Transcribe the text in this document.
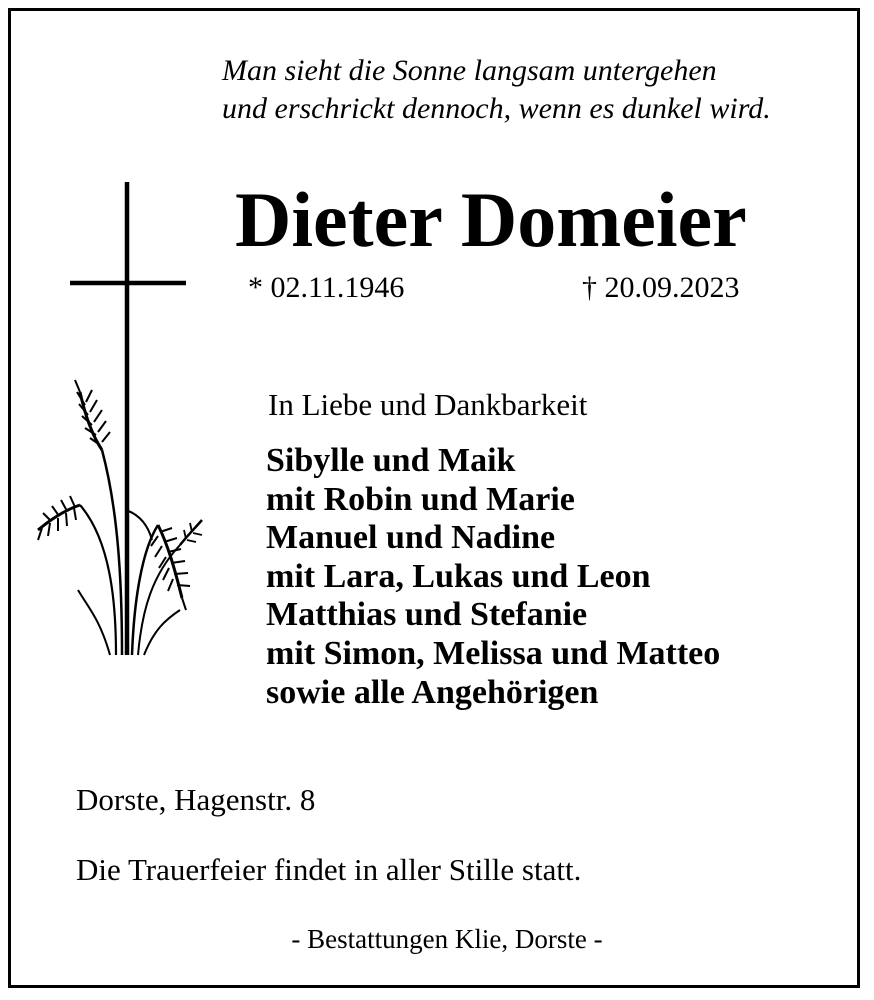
Man sieht die Sonne langsam untergehen
und erschrickt dennoch, wenn es dunkel wird.
Dieter Domeier
* 02.11.1946	† 20.09.2023
In Liebe und Dankbarkeit
Sibylle und Maik
mit Robin und Marie
Manuel und Nadine
mit Lara, Lukas und Leon
Matthias und Stefanie
mit Simon, Melissa und Matteo
sowie alle Angehörigen
Dorste, Hagenstr. 8
Die Trauerfeier findet in aller Stille statt.
- Bestattungen Klie, Dorste -
